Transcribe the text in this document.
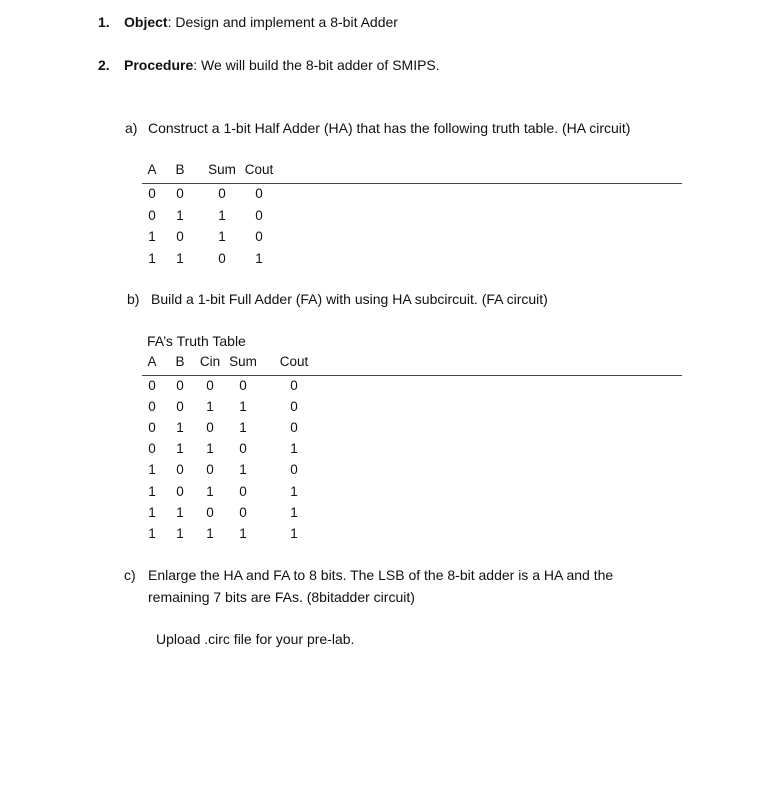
1. Object: Design and implement a 8-bit Adder
2. Procedure: We will build the 8-bit adder of SMIPS.
a) Construct a 1-bit Half Adder (HA) that has the following truth table. (HA circuit)
A	B	Sum Cout
0	0	0	0
0	1	1	0
1	0	1	0
1	1	0	1
b) Build a 1-bit Full Adder (FA) with using HA subcircuit. (FA circuit)
FA’s Truth Table
A	B	Cin Sum Cout
0	0	0	0	0
0	0	1	1	0
0	1	0	1	0
0	1	1	0	1
1	0	0	1	0
1	0	1	0	1
1	1	0	0	1
1	1	1	1	1
c) Enlarge the HA and FA to 8 bits. The LSB of the 8-bit adder is a HA and the
remaining 7 bits are FAs. (8bitadder circuit)
Upload .circ file for your pre-lab.
